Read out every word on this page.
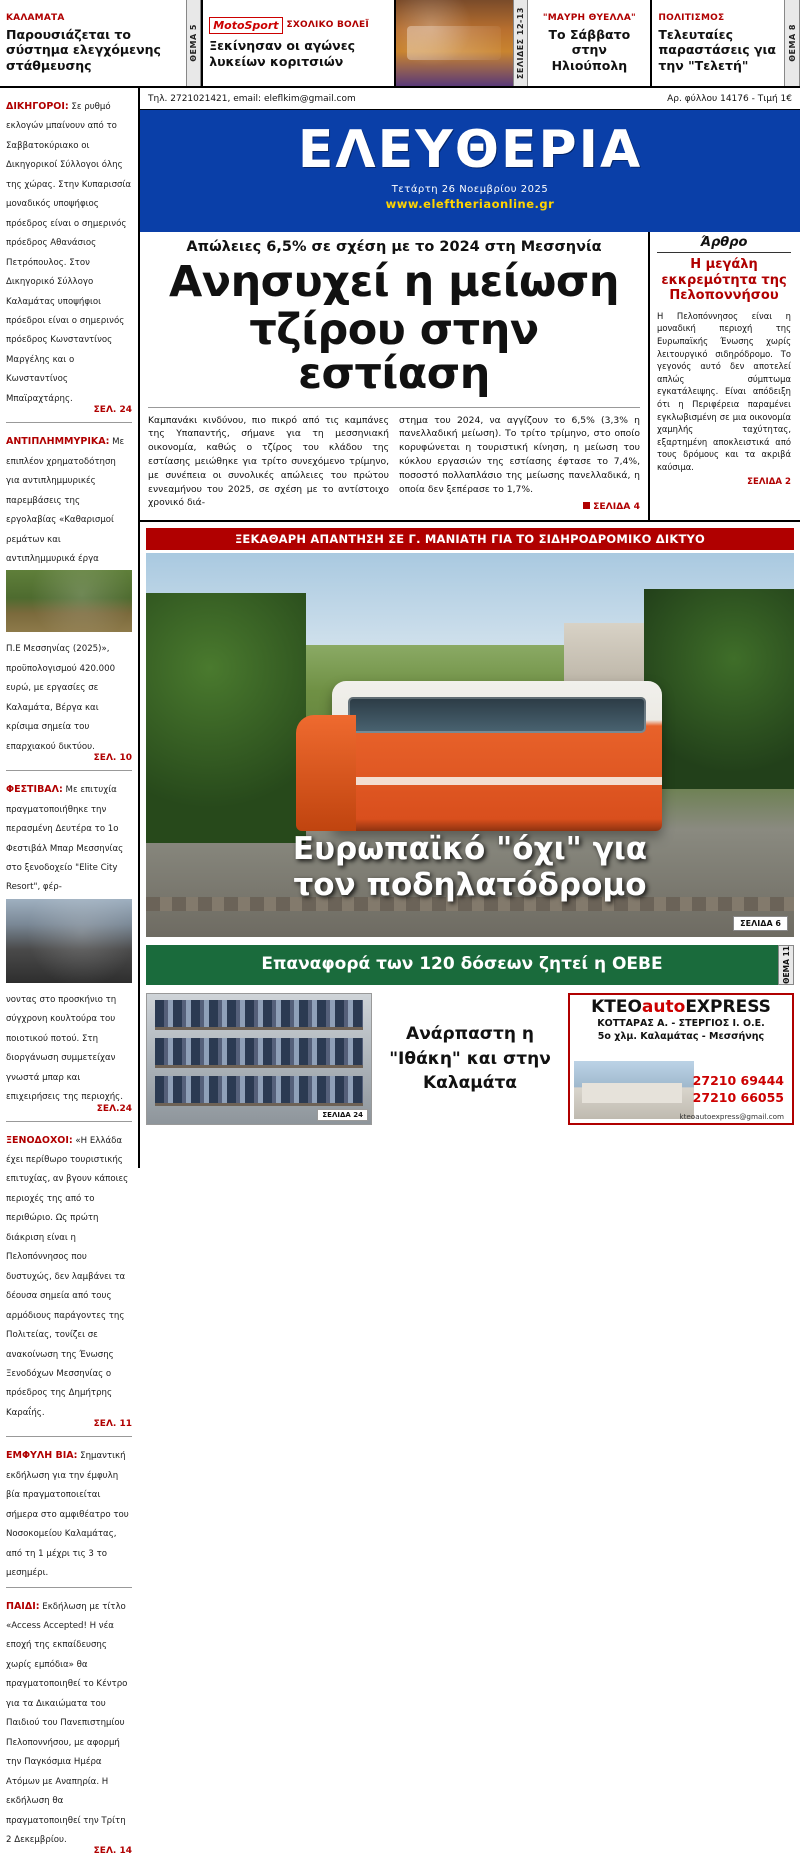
ΚΑΛΑΜΑΤΑ
Παρουσιάζεται το σύστημα ελεγχόμενης στάθμευσης
ΘΕΜΑ 5	MotoSport ΣΧΟΛΙΚΟ ΒΟΛΕΪ
Ξεκίνησαν οι αγώνες λυκείων κοριτσιών	ΣΕΛΙΔΕΣ 12-13	"ΜΑΥΡΗ ΘΥΕΛΛΑ"
Το Σάββατο στην Ηλιούπολη
ΠΟΛΙΤΙΣΜΟΣ
Τελευταίες παραστάσεις για την "Τελετή"
ΘΕΜΑ 8
ΔΙΚΗΓΟΡΟΙ: Σε ρυθμό εκλογών μπαίνουν από το Σαββατοκύριακο οι Δικηγορικοί Σύλλογοι όλης της χώρας. Στην Κυπαρισσία μοναδικός υποψήφιος πρόεδρος είναι ο σημερινός πρόεδρος Αθανάσιος Πετρόπουλος. Στον Δικηγορικό Σύλλογο Καλαμάτας υποψήφιοι πρόεδροι είναι ο σημερινός πρόεδρος Κωνσταντίνος Μαργέλης και ο Κωνσταντίνος Μπαϊραχτάρης.
ΣΕΛ. 24
ΑΝΤΙΠΛΗΜΜΥΡΙΚΑ: Με επιπλέον χρηματοδότηση για αντιπλημμυρικές παρεμβάσεις της εργολαβίας «Καθαρισμοί ρεμάτων και αντιπλημμυρικά έργα
Π.Ε Μεσσηνίας (2025)», προϋπολογισμού 420.000 ευρώ, με εργασίες σε Καλαμάτα, Βέργα και κρίσιμα σημεία του επαρχιακού δικτύου.
ΣΕΛ. 10
ΦΕΣΤΙΒΑΛ: Με επιτυχία πραγματοποιήθηκε την περασμένη Δευτέρα το 1ο Φεστιβάλ Μπαρ Μεσσηνίας στο ξενοδοχείο "Elite City Resort", φέρ-
νοντας στο προσκήνιο τη σύγχρονη κουλτούρα του ποιοτικού ποτού. Στη διοργάνωση συμμετείχαν γνωστά μπαρ και επιχειρήσεις της περιοχής.
ΣΕΛ.24
ΞΕΝΟΔΟΧΟΙ: «Η Ελλάδα έχει περίθωρο τουριστικής επιτυχίας, αν βγουν κάποιες περιοχές της από το περιθώριο. Ως πρώτη διάκριση είναι η Πελοπόννησος που δυστυχώς, δεν λαμβάνει τα δέουσα σημεία από τους αρμόδιους παράγοντες της Πολιτείας, τονίζει σε ανακοίνωση της Ένωσης Ξενοδόχων Μεσσηνίας ο πρόεδρος της Δημήτρης Καραΐής.
ΣΕΛ. 11
ΕΜΦΥΛΗ ΒΙΑ: Σημαντική εκδήλωση για την έμφυλη βία πραγματοποιείται σήμερα στο αμφιθέατρο του Νοσοκομείου Καλαμάτας, από τη 1 μέχρι τις 3 το μεσημέρι.
ΠΑΙΔΙ: Εκδήλωση με τίτλο «Access Accepted! Η νέα εποχή της εκπαίδευσης χωρίς εμπόδια» θα πραγματοποιηθεί το Κέντρο για τα Δικαιώματα του Παιδιού του Πανεπιστημίου Πελοποννήσου, με αφορμή την Παγκόσμια Ημέρα Ατόμων με Αναπηρία. Η εκδήλωση θα πραγματοποιηθεί την Τρίτη 2 Δεκεμβρίου.
ΣΕΛ. 14
Τηλ. 2721021421, email: eleflkim@gmail.com	Αρ. φύλλου 14176 - Τιμή 1€
ΕΛΕΥΘΕΡΙΑ
Τετάρτη 26 Νοεμβρίου 2025
www.eleftheriaonline.gr
Απώλειες 6,5% σε σχέση με το 2024 στη Μεσσηνία
Ανησυχεί η μείωση
τζίρου στην εστίαση
Καμπανάκι κινδύνου, πιο πικρό από τις καμπάνες της Υπαπαντής, σήμανε για τη μεσσηνιακή οικονομία, καθώς ο τζίρος του κλάδου της εστίασης μειώθηκε για τρίτο συνεχόμενο τρίμηνο, με συνέπεια οι συνολικές απώλειες του πρώτου εννεαμήνου του 2025, σε σχέση με το αντίστοιχο χρονικό διά-
στημα του 2024, να αγγίζουν το 6,5% (3,3% η πανελλαδική μείωση). Το τρίτο τρίμηνο, στο οποίο κορυφώνεται η τουριστική κίνηση, η μείωση του κύκλου εργασιών της εστίασης έφτασε το 7,4%, ποσοστό πολλαπλάσιο της μείωσης πανελλαδικά, η οποία δεν ξεπέρασε το 1,7%.
ΣΕΛΙΔΑ 4
Άρθρο
Η μεγάλη εκκρεμότητα της Πελοποννήσου
Η Πελοπόννησος είναι η μοναδική περιοχή της Ευρωπαϊκής Ένωσης χωρίς λειτουργικό σιδηρόδρομο. Το γεγονός αυτό δεν αποτελεί απλώς σύμπτωμα εγκατάλειψης. Είναι απόδειξη ότι η Περιφέρεια παραμένει εγκλωβισμένη σε μια οικονομία χαμηλής ταχύτητας, εξαρτημένη αποκλειστικά από τους δρόμους και τα ακριβά καύσιμα.
ΣΕΛΙΔΑ 2
ΞΕΚΑΘΑΡΗ ΑΠΑΝΤΗΣΗ ΣΕ Γ. ΜΑΝΙΑΤΗ ΓΙΑ ΤΟ ΣΙΔΗΡΟΔΡΟΜΙΚΟ ΔΙΚΤΥΟ
Ευρωπαϊκό "όχι" για
τον ποδηλατόδρομο
ΣΕΛΙΔΑ 6
Επαναφορά των 120 δόσεων ζητεί η ΟΕΒΕ	ΘΕΜΑ 11
ΣΕΛΙΔΑ 24
Ανάρπαστη η "Ιθάκη" και στην Καλαμάτα
ΚΤΕΟautoEXPRESS
ΚΟΤΤΑΡΑΣ Α. - ΣΤΕΡΓΙΟΣ Ι. Ο.Ε.
5ο χλμ. Καλαμάτας - Μεσσήνης
27210 69444
27210 66055
kteoautoexpress@gmail.com
